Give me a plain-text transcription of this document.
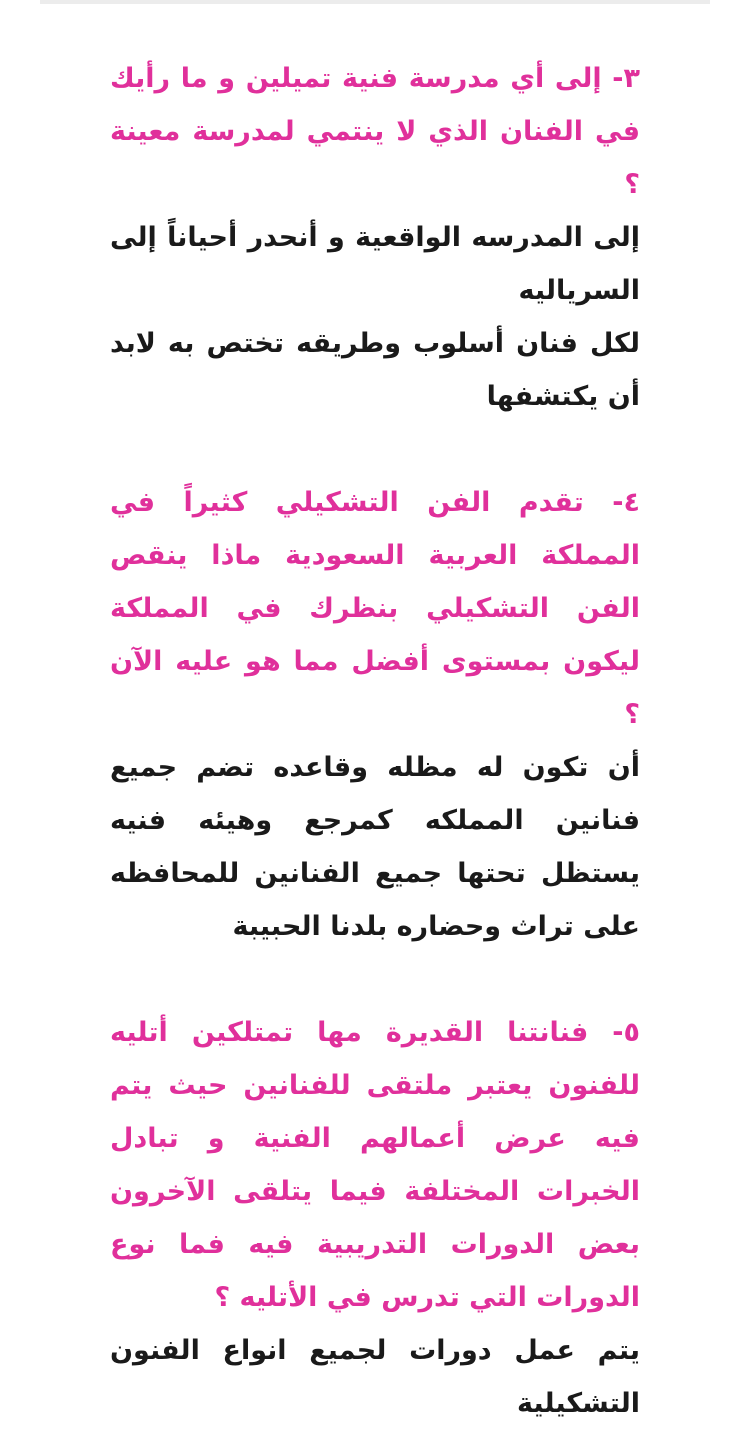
٣- إلى أي مدرسة فنية تميلين و ما رأيك في الفنان الذي لا ينتمي لمدرسة معينة ؟

إلى المدرسه الواقعية و أنحدر أحياناً إلى السرياليه

لكل فنان أسلوب وطريقه تختص به لابد أن يكتشفها

٤- تقدم الفن التشكيلي كثيراً في المملكة العربية السعودية ماذا ينقص الفن التشكيلي بنظرك في المملكة ليكون بمستوى أفضل مما هو عليه الآن ؟

أن تكون له مظله وقاعده تضم جميع فنانين المملكه كمرجع وهيئه فنيه يستظل تحتها جميع الفنانين للمحافظه على تراث وحضاره بلدنا الحبيبة

٥- فنانتنا القديرة مها تمتلكين أتليه للفنون يعتبر ملتقى للفنانين حيث يتم فيه عرض أعمالهم الفنية و تبادل الخبرات المختلفة فيما يتلقى الآخرون بعض الدورات التدريبية فيه فما نوع الدورات التي تدرس في الأتليه ؟

يتم عمل دورات لجميع انواع الفنون التشكيلية
